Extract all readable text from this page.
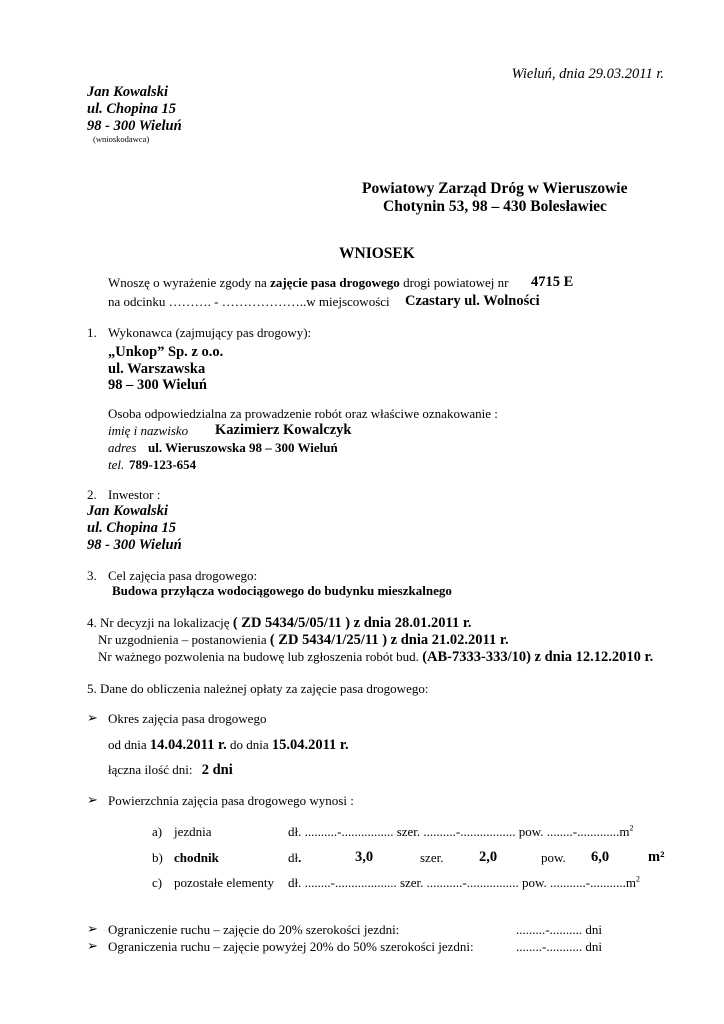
Wieluń, dnia 29.03.2011 r.
Jan Kowalski
ul. Chopina 15
98 - 300 Wieluń
(wnioskodawca)
Powiatowy Zarząd Dróg w Wieruszowie
Chotynin 53, 98 – 430 Bolesławiec
WNIOSEK
Wnoszę o wyrażenie zgody na zajęcie pasa drogowego drogi powiatowej nr 4715 E
na odcinku ………. - ………………..w miejscowości Czastary ul. Wolności
1. Wykonawca (zajmujący pas drogowy):
„Unkop” Sp. z o.o.
ul. Warszawska
98 – 300 Wieluń
Osoba odpowiedzialna za prowadzenie robót oraz właściwe oznakowanie :
imię i nazwisko Kazimierz Kowalczyk
adres ul. Wieruszowska 98 – 300 Wieluń
tel. 789-123-654
2. Inwestor :
Jan Kowalski
ul. Chopina 15
98 - 300 Wieluń
3. Cel zajęcia pasa drogowego:
Budowa przyłącza wodociągowego do budynku mieszkalnego
4. Nr decyzji na lokalizację ( ZD 5434/5/05/11 ) z dnia 28.01.2011 r.
Nr uzgodnienia – postanowienia ( ZD 5434/1/25/11 ) z dnia 21.02.2011 r.
Nr ważnego pozwolenia na budowę lub zgłoszenia robót bud. (AB-7333-333/10) z dnia 12.12.2010 r.
5. Dane do obliczenia należnej opłaty za zajęcie pasa drogowego:
➢ Okres zajęcia pasa drogowego
od dnia 14.04.2011 r. do dnia 15.04.2011 r.
łączna ilość dni: 2 dni
➢ Powierzchnia zajęcia pasa drogowego wynosi :
a) jezdnia	dł. ..........-................ szer. ..........-................. pow. $........-.............m^2$
b) chodnik	dł.	3,0	szer. 2,0	pow. 6,0	m²
c) pozostałe elementy dł. ........-................... szer. ...........-................ pow. $...........-...........m^2$
➢ Ograniczenie ruchu – zajęcie do 20% szerokości jezdni:	.........-.......... dni
➢ Ograniczenia ruchu – zajęcie powyżej 20% do 50% szerokości jezdni:	........-........... dni
